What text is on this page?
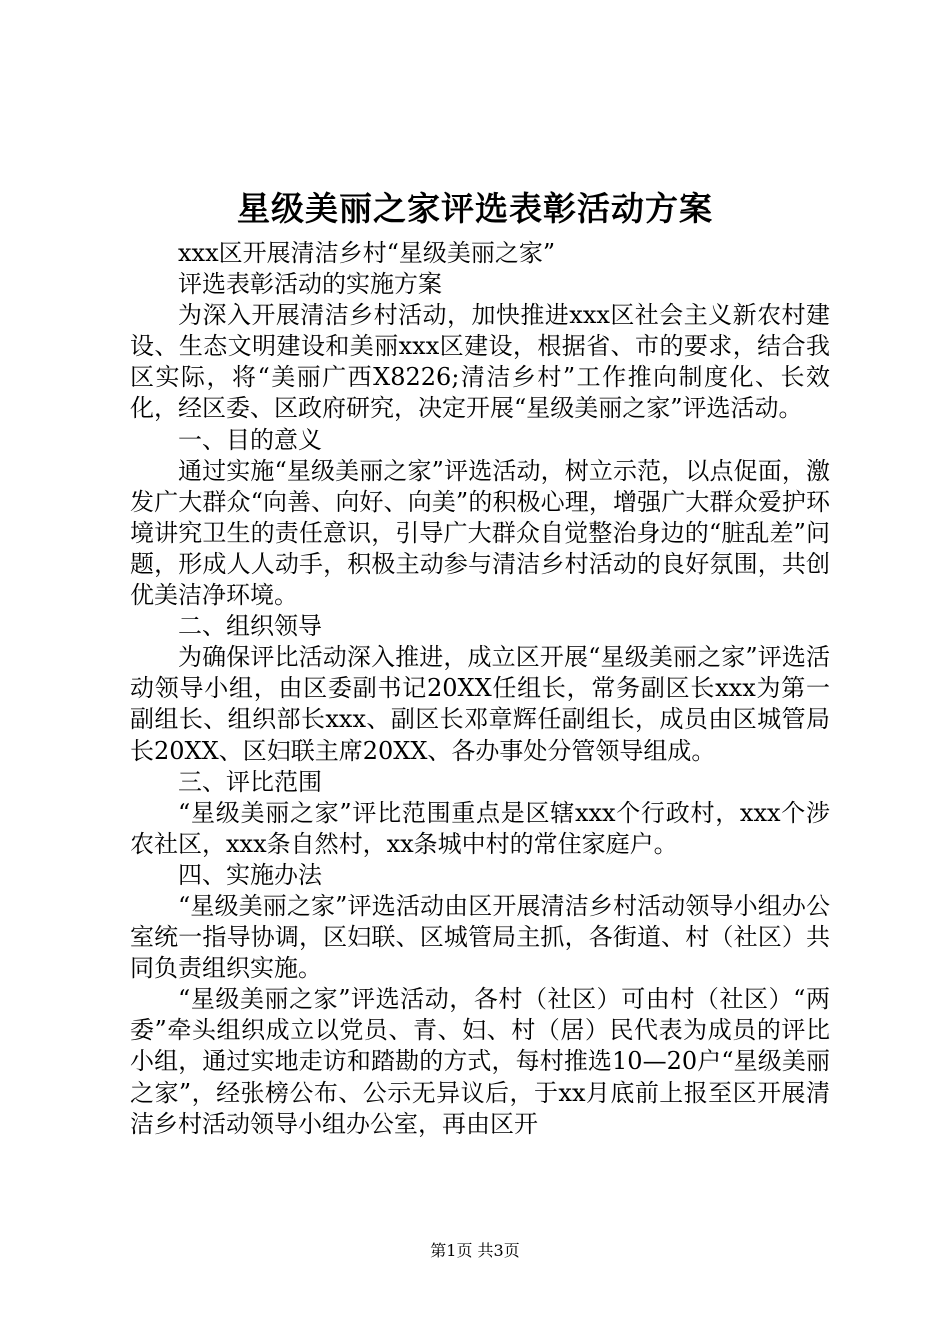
星级美丽之家评选表彰活动方案

xxx区开展清洁乡村“星级美丽之家”

评选表彰活动的实施方案

为深入开展清洁乡村活动，加快推进xxx区社会主义新农村建设、生态文明建设和美丽xxx区建设，根据省、市的要求，结合我区实际，将“美丽广西X8226;清洁乡村”工作推向制度化、长效化，经区委、区政府研究，决定开展“星级美丽之家”评选活动。

一、目的意义

通过实施“星级美丽之家”评选活动，树立示范，以点促面，激发广大群众“向善、向好、向美”的积极心理，增强广大群众爱护环境讲究卫生的责任意识，引导广大群众自觉整治身边的“脏乱差”问题，形成人人动手，积极主动参与清洁乡村活动的良好氛围，共创优美洁净环境。

二、组织领导

为确保评比活动深入推进，成立区开展“星级美丽之家”评选活动领导小组，由区委副书记20XX任组长，常务副区长xxx为第一副组长、组织部长xxx、副区长邓章辉任副组长，成员由区城管局长20XX、区妇联主席20XX、各办事处分管领导组成。

三、评比范围

“星级美丽之家”评比范围重点是区辖xxx个行政村，xxx个涉农社区，xxx条自然村，xx条城中村的常住家庭户。

四、实施办法

“星级美丽之家”评选活动由区开展清洁乡村活动领导小组办公室统一指导协调，区妇联、区城管局主抓，各街道、村（社区）共同负责组织实施。

“星级美丽之家”评选活动，各村（社区）可由村（社区）“两委”牵头组织成立以党员、青、妇、村（居）民代表为成员的评比小组，通过实地走访和踏勘的方式，每村推选10—20户“星级美丽之家”，经张榜公布、公示无异议后，于xx月底前上报至区开展清洁乡村活动领导小组办公室，再由区开

第1页 共3页
